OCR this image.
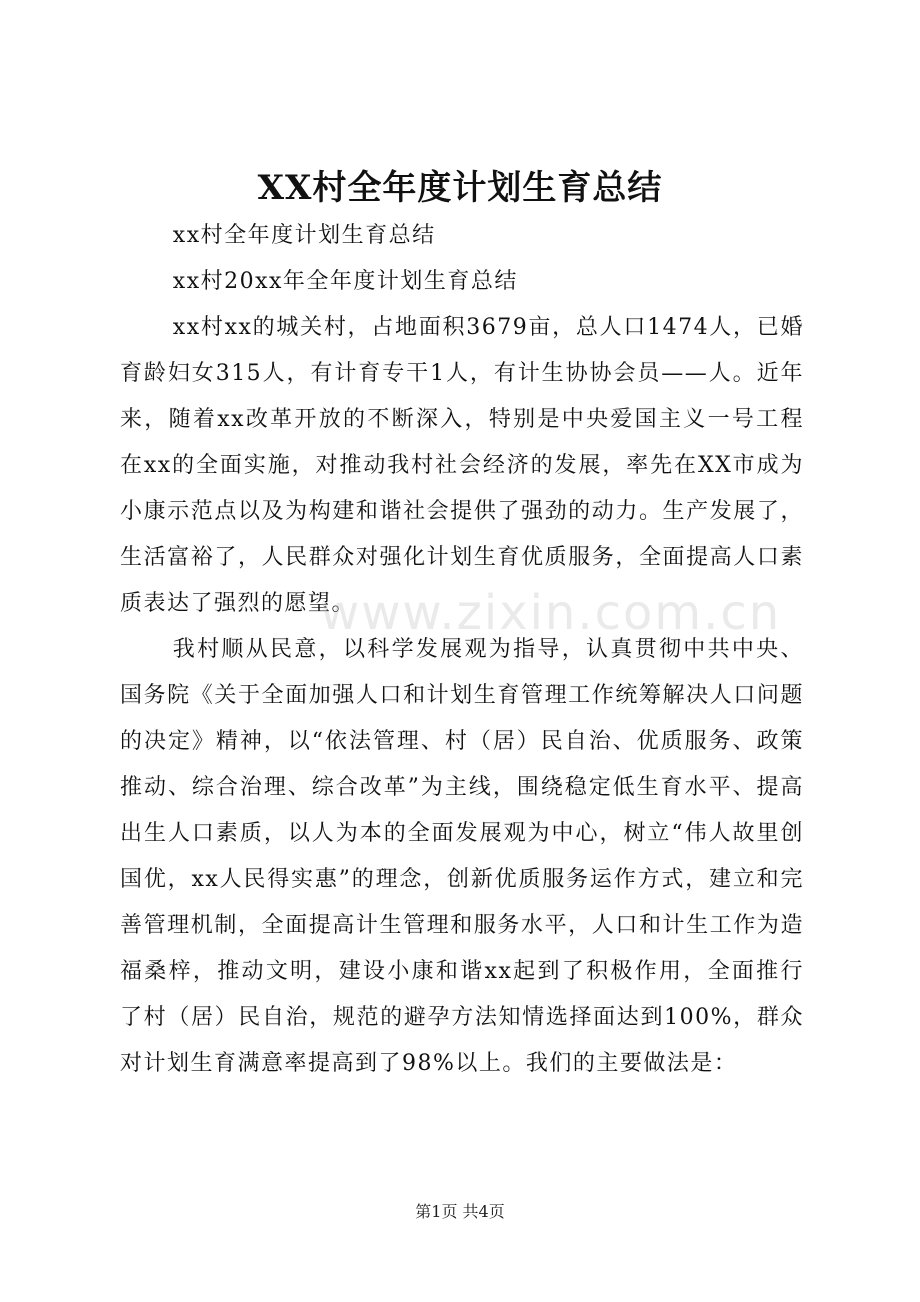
XX村全年度计划生育总结

xx村全年度计划生育总结

xx村20xx年全年度计划生育总结

xx村xx的城关村，占地面积3679亩，总人口1474人，已婚育龄妇女315人，有计育专干1人，有计生协协会员——人。近年来，随着xx改革开放的不断深入，特别是中央爱国主义一号工程在xx的全面实施，对推动我村社会经济的发展，率先在XX市成为小康示范点以及为构建和谐社会提供了强劲的动力。生产发展了，生活富裕了，人民群众对强化计划生育优质服务，全面提高人口素质表达了强烈的愿望。

我村顺从民意，以科学发展观为指导，认真贯彻中共中央、国务院《关于全面加强人口和计划生育管理工作统筹解决人口问题的决定》精神，以“依法管理、村（居）民自治、优质服务、政策推动、综合治理、综合改革”为主线，围绕稳定低生育水平、提高出生人口素质，以人为本的全面发展观为中心，树立“伟人故里创国优，xx人民得实惠”的理念，创新优质服务运作方式，建立和完善管理机制，全面提高计生管理和服务水平，人口和计生工作为造福桑梓，推动文明，建设小康和谐xx起到了积极作用，全面推行了村（居）民自治，规范的避孕方法知情选择面达到100%，群众对计划生育满意率提高到了98%以上。我们的主要做法是：

www.zixin.com.cn
第1页 共4页
